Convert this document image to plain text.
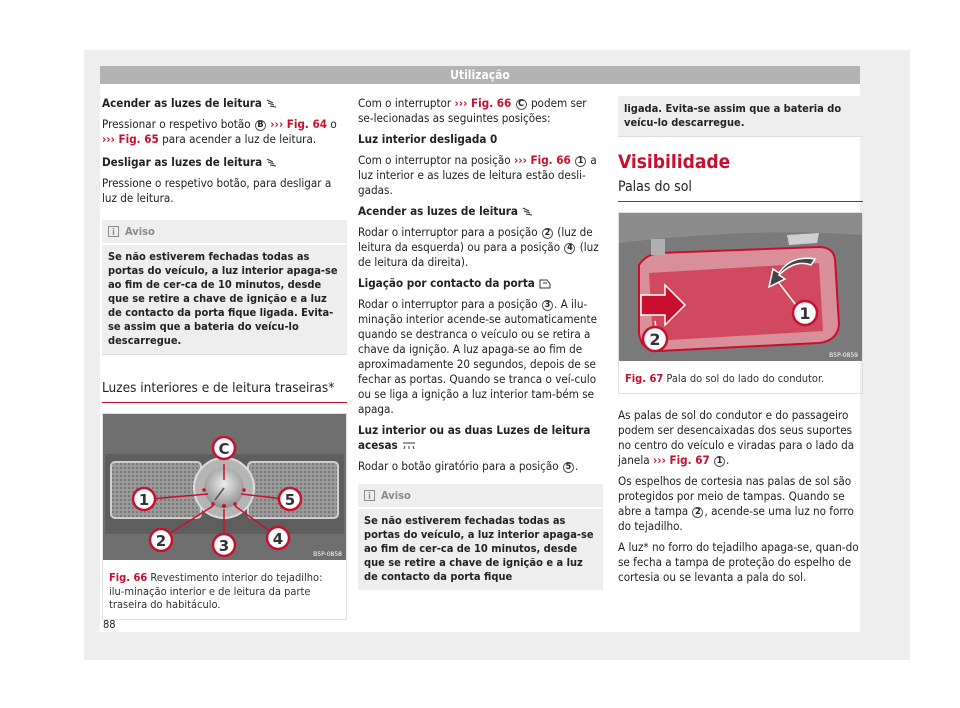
Utilização

Acender as luzes de leitura

Pressionar o respetivo botão B ››› Fig. 64 o ››› Fig. 65 para acender a luz de leitura.

Desligar as luzes de leitura

Pressione o respetivo botão, para desligar a luz de leitura.

Aviso
Se não estiverem fechadas todas as portas do veículo, a luz interior apaga-se ao fim de cer-ca de 10 minutos, desde que se retire a chave de ignição e a luz de contacto da porta fique ligada. Evita-se assim que a bateria do veícu-lo descarregue.
Luzes interiores e de leitura traseiras*
C
1	5
2	3	4
B5P-0858
Fig. 66 Revestimento interior do tejadilho: ilu-minação interior e de leitura da parte traseira do habitáculo.

Com o interruptor ››› Fig. 66 C podem ser se-lecionadas as seguintes posições:

Luz interior desligada 0

Com o interruptor na posição ››› Fig. 66 1 a luz interior e as luzes de leitura estão desli-gadas.

Acender as luzes de leitura

Rodar o interruptor para a posição 2 (luz de leitura da esquerda) ou para a posição 4 (luz de leitura da direita).

Ligação por contacto da porta

Rodar o interruptor para a posição 3 . A ilu-minação interior acende-se automaticamente quando se destranca o veículo ou se retira a chave da ignição. A luz apaga-se ao fim de aproximadamente 20 segundos, depois de se fechar as portas. Quando se tranca o veí-culo ou se liga a ignição a luz interior tam-bém se apaga.

Luz interior ou as duas Luzes de leitura acesas

Rodar o botão giratório para a posição 5 .

Aviso
Se não estiverem fechadas todas as portas do veículo, a luz interior apaga-se ao fim de cer-ca de 10 minutos, desde que se retire a chave de ignição e a luz de contacto da porta fique
ligada. Evita-se assim que a bateria do veícu-lo descarregue.
Visibilidade
Palas do sol
1
2
B5P-0859
Fig. 67 Pala do sol do lado do condutor.

As palas de sol do condutor e do passageiro podem ser desencaixadas dos seus suportes no centro do veículo e viradas para o lado da janela ››› Fig. 67 1 .

Os espelhos de cortesia nas palas de sol são protegidos por meio de tampas. Quando se abre a tampa 2 , acende-se uma luz no forro do tejadilho.

A luz* no forro do tejadilho apaga-se, quan-do se fecha a tampa de proteção do espelho de cortesia ou se levanta a pala do sol.

88
